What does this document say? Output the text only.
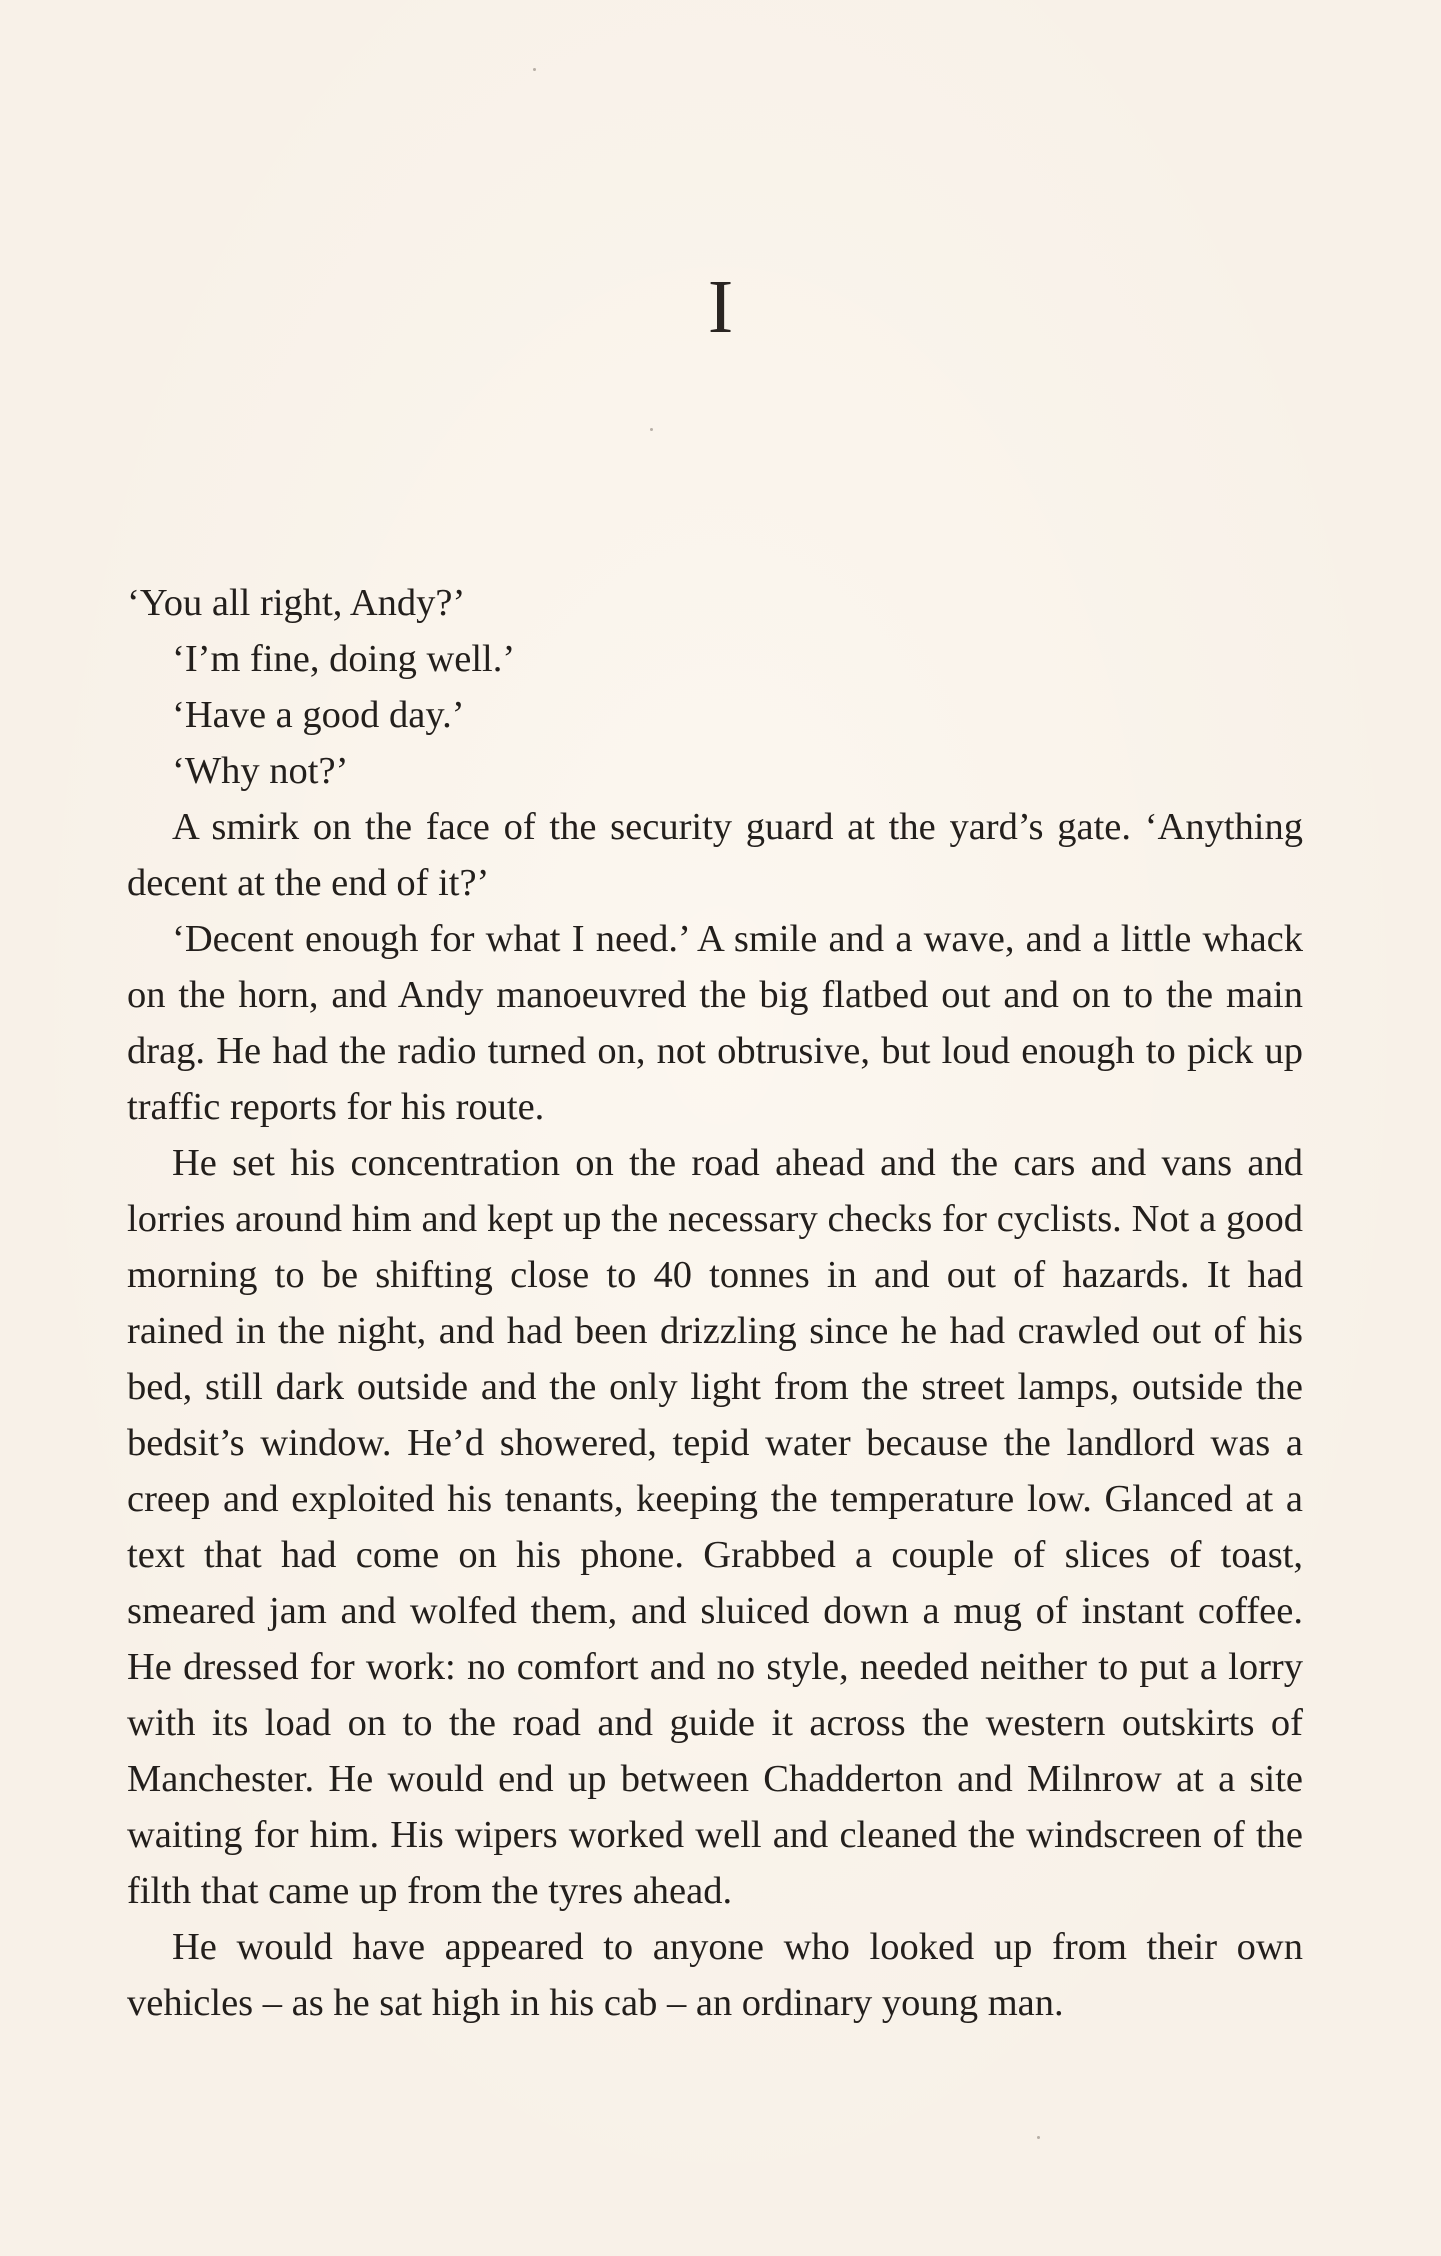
I

‘You all right, Andy?’

‘I’m fine, doing well.’

‘Have a good day.’

‘Why not?’

A smirk on the face of the security guard at the yard’s gate. ‘Anything decent at the end of it?’

‘Decent enough for what I need.’ A smile and a wave, and a little whack on the horn, and Andy manoeuvred the big flatbed out and on to the main drag. He had the radio turned on, not obtrusive, but loud enough to pick up traffic reports for his route.

He set his concentration on the road ahead and the cars and vans and lorries around him and kept up the necessary checks for cyclists. Not a good morning to be shifting close to 40 tonnes in and out of hazards. It had rained in the night, and had been drizzling since he had crawled out of his bed, still dark outside and the only light from the street lamps, outside the bedsit’s window. He’d showered, tepid water because the landlord was a creep and exploited his tenants, keeping the temperature low. Glanced at a text that had come on his phone. Grabbed a couple of slices of toast, smeared jam and wolfed them, and sluiced down a mug of instant coffee. He dressed for work: no comfort and no style, needed neither to put a lorry with its load on to the road and guide it across the western outskirts of Manchester. He would end up between Chadderton and Milnrow at a site waiting for him. His wipers worked well and cleaned the windscreen of the filth that came up from the tyres ahead.

He would have appeared to anyone who looked up from their own vehicles – as he sat high in his cab – an ordinary young man.
